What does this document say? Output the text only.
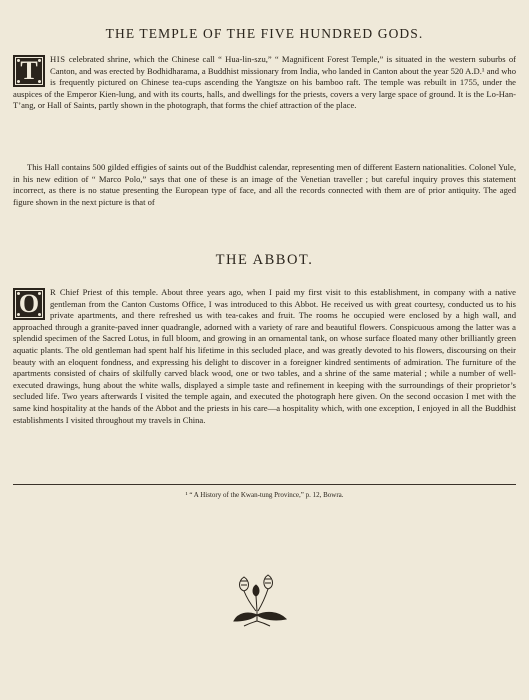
THE TEMPLE OF THE FIVE HUNDRED GODS.
T	HIS celebrated shrine, which the Chinese call “ Hua-lin-szu,” “ Magnificent Forest Temple,” is situated in the western suburbs of Canton, and was erected by Bodhidharama, a Buddhist missionary from India, who landed in Canton about the year 520 A.D.¹ and who is frequently pictured on Chinese tea-cups ascending the Yangtsze on his bamboo raft. The temple was rebuilt in 1755, under the auspices of the Emperor Kien-lung, and with its courts, halls, and dwellings for the priests, covers a very large space of ground. It is the Lo-Han-T’ang, or Hall of Saints, partly shown in the photograph, that forms the chief attraction of the place.
This Hall contains 500 gilded effigies of saints out of the Buddhist calendar, representing men of different Eastern nationalities. Colonel Yule, in his new edition of “ Marco Polo,” says that one of these is an image of the Venetian traveller ; but careful inquiry proves this statement incorrect, as there is no statue presenting the European type of face, and all the records connected with them are of prior antiquity. The aged figure shown in the next picture is that of
THE ABBOT.
O	R Chief Priest of this temple. About three years ago, when I paid my first visit to this establishment, in company with a native gentleman from the Canton Customs Office, I was introduced to this Abbot. He received us with great courtesy, conducted us to his private apartments, and there refreshed us with tea-cakes and fruit. The rooms he occupied were enclosed by a high wall, and approached through a granite-paved inner quadrangle, adorned with a variety of rare and beautiful flowers. Conspicuous among the latter was a splendid specimen of the Sacred Lotus, in full bloom, and growing in an ornamental tank, on whose surface floated many other brilliantly green aquatic plants. The old gentleman had spent half his lifetime in this secluded place, and was greatly devoted to his flowers, discoursing on their beauty with an eloquent fondness, and expressing his delight to discover in a foreigner kindred sentiments of admiration. The furniture of the apartments consisted of chairs of skilfully carved black wood, one or two tables, and a shrine of the same material ; while a number of well-executed drawings, hung about the white walls, displayed a simple taste and refinement in keeping with the surroundings of their proprietor’s secluded life. Two years afterwards I visited the temple again, and executed the photograph here given. On the second occasion I met with the same kind hospitality at the hands of the Abbot and the priests in his care—a hospitality which, with one exception, I enjoyed in all the Buddhist establishments I visited throughout my travels in China.
¹ “ A History of the Kwan-tung Province,” p. 12, Bowra.
